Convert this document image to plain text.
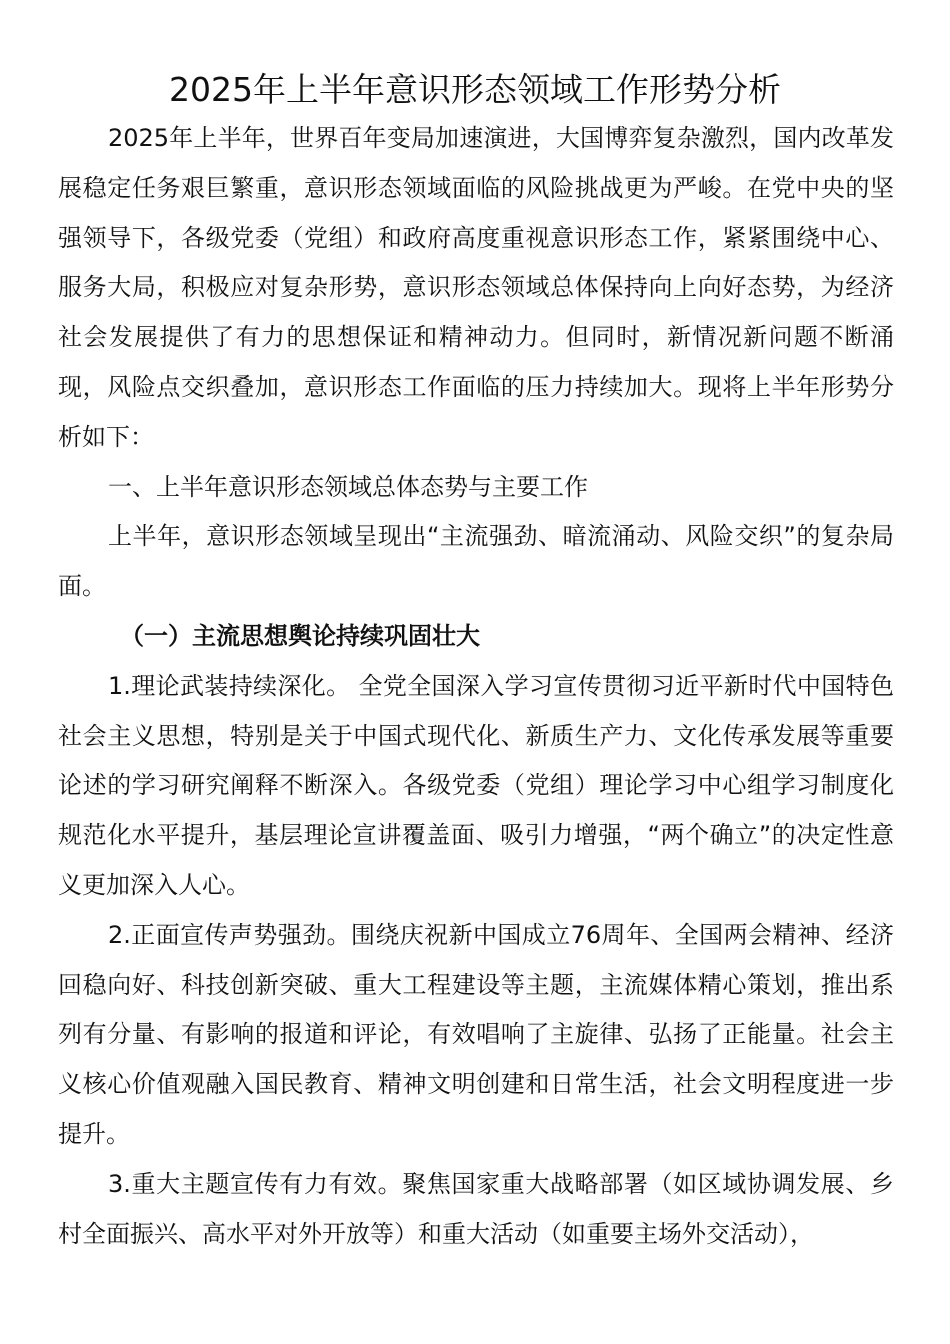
2025年上半年意识形态领域工作形势分析

2025年上半年，世界百年变局加速演进，大国博弈复杂激烈，国内改革发展稳定任务艰巨繁重，意识形态领域面临的风险挑战更为严峻。在党中央的坚强领导下，各级党委（党组）和政府高度重视意识形态工作，紧紧围绕中心、服务大局，积极应对复杂形势，意识形态领域总体保持向上向好态势，为经济社会发展提供了有力的思想保证和精神动力。但同时，新情况新问题不断涌现，风险点交织叠加，意识形态工作面临的压力持续加大。现将上半年形势分析如下：

一、上半年意识形态领域总体态势与主要工作

上半年，意识形态领域呈现出“主流强劲、暗流涌动、风险交织”的复杂局面。

（一）主流思想舆论持续巩固壮大

1.理论武装持续深化。 全党全国深入学习宣传贯彻习近平新时代中国特色社会主义思想，特别是关于中国式现代化、新质生产力、文化传承发展等重要论述的学习研究阐释不断深入。各级党委（党组）理论学习中心组学习制度化规范化水平提升，基层理论宣讲覆盖面、吸引力增强，“两个确立”的决定性意义更加深入人心。

2.正面宣传声势强劲。围绕庆祝新中国成立76周年、全国两会精神、经济回稳向好、科技创新突破、重大工程建设等主题，主流媒体精心策划，推出系列有分量、有影响的报道和评论，有效唱响了主旋律、弘扬了正能量。社会主义核心价值观融入国民教育、精神文明创建和日常生活，社会文明程度进一步提升。

3.重大主题宣传有力有效。聚焦国家重大战略部署（如区域协调发展、乡村全面振兴、高水平对外开放等）和重大活动（如重要主场外交活动），
